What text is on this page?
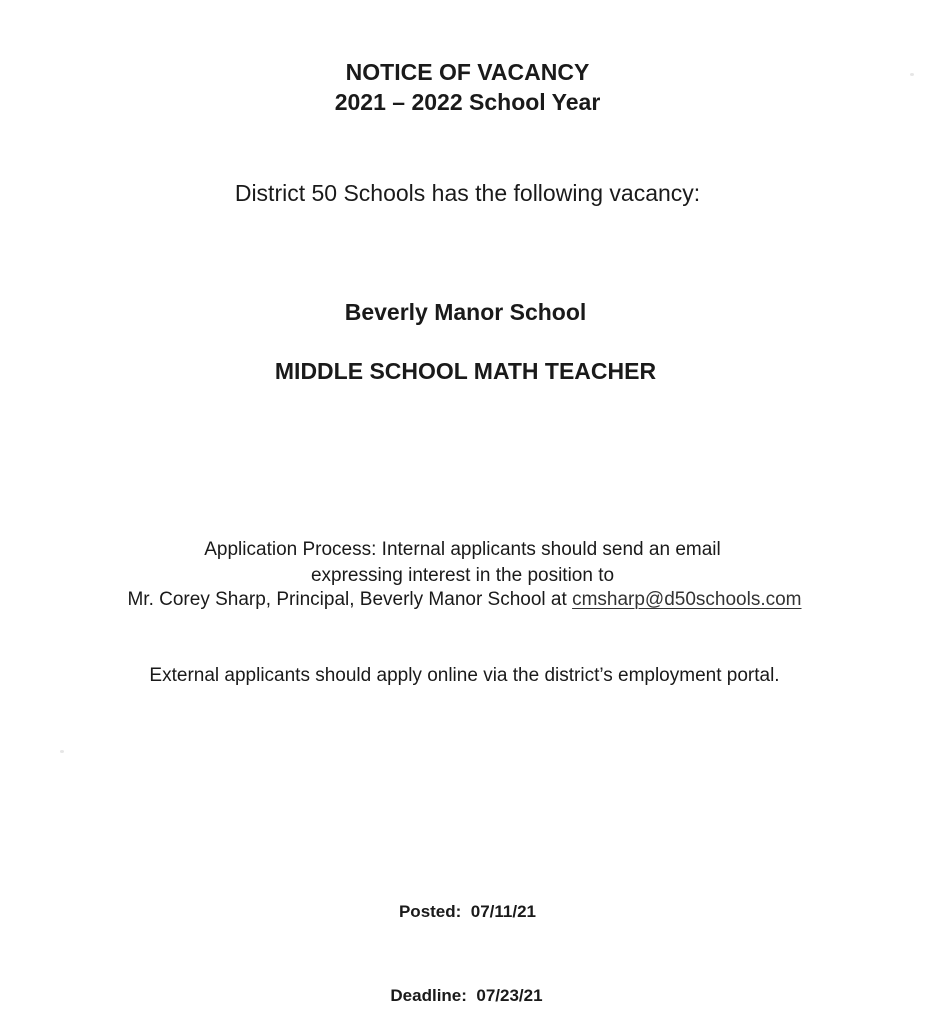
NOTICE OF VACANCY
2021 – 2022 School Year
District 50 Schools has the following vacancy:
Beverly Manor School
MIDDLE SCHOOL MATH TEACHER
Application Process: Internal applicants should send an email
expressing interest in the position to
Mr. Corey Sharp, Principal, Beverly Manor School at cmsharp@d50schools.com
External applicants should apply online via the district’s employment portal.
Posted: 07/11/21
Deadline: 07/23/21
